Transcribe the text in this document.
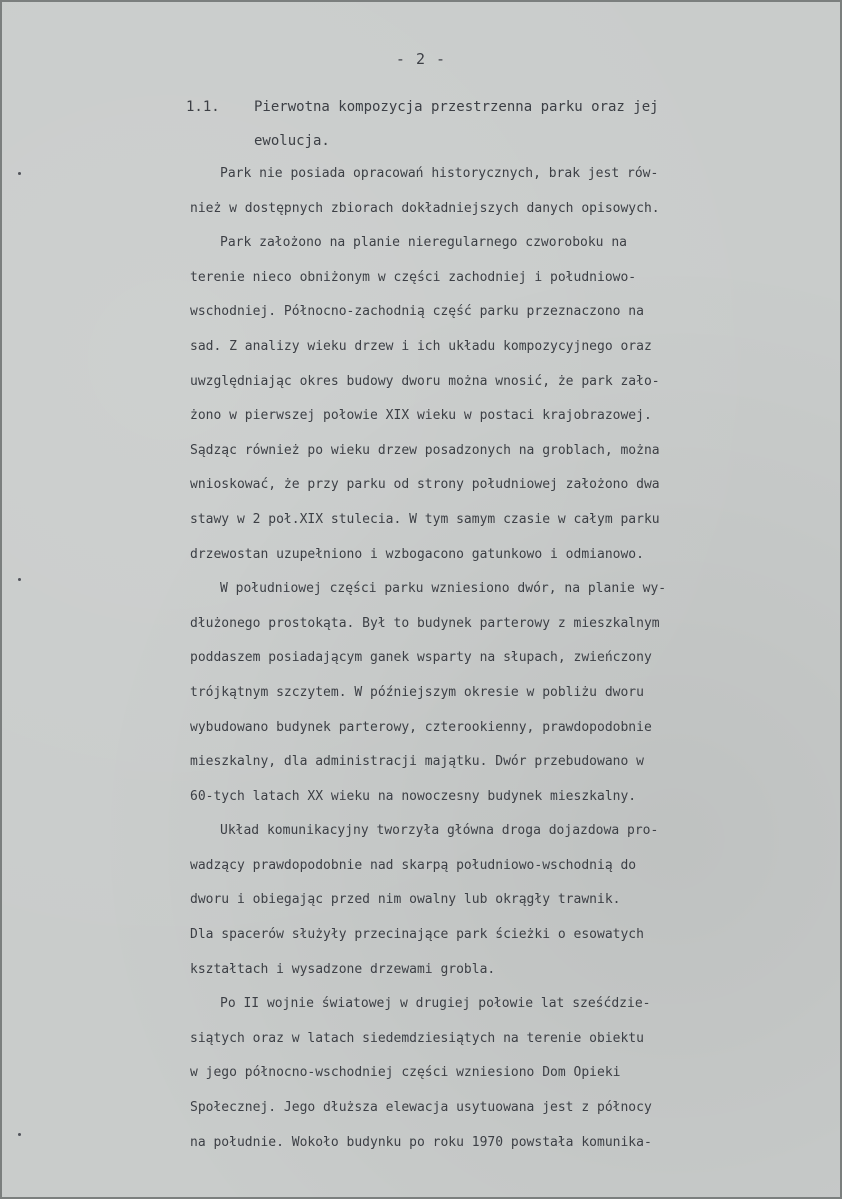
- 2 -
1.1. Pierwotna kompozycja przestrzenna parku oraz jej
ewolucja.
Park nie posiada opracowań historycznych, brak jest rów-
nież w dostępnych zbiorach dokładniejszych danych opisowych.
Park założono na planie nieregularnego czworoboku na
terenie nieco obniżonym w części zachodniej i południowo-
wschodniej. Północno-zachodnią część parku przeznaczono na
sad. Z analizy wieku drzew i ich układu kompozycyjnego oraz
uwzględniając okres budowy dworu można wnosić, że park zało-
żono w pierwszej połowie XIX wieku w postaci krajobrazowej.
Sądząc również po wieku drzew posadzonych na groblach, można
wnioskować, że przy parku od strony południowej założono dwa
stawy w 2 poł.XIX stulecia. W tym samym czasie w całym parku
drzewostan uzupełniono i wzbogacono gatunkowo i odmianowo.
W południowej części parku wzniesiono dwór, na planie wy-
dłużonego prostokąta. Był to budynek parterowy z mieszkalnym
poddaszem posiadającym ganek wsparty na słupach, zwieńczony
trójkątnym szczytem. W późniejszym okresie w pobliżu dworu
wybudowano budynek parterowy, czterookienny, prawdopodobnie
mieszkalny, dla administracji majątku. Dwór przebudowano w
60-tych latach XX wieku na nowoczesny budynek mieszkalny.
Układ komunikacyjny tworzyła główna droga dojazdowa pro-
wadzący prawdopodobnie nad skarpą południowo-wschodnią do
dworu i obiegając przed nim owalny lub okrągły trawnik.
Dla spacerów służyły przecinające park ścieżki o esowatych
kształtach i wysadzone drzewami grobla.
Po II wojnie światowej w drugiej połowie lat sześćdzie-
siątych oraz w latach siedemdziesiątych na terenie obiektu
w jego północno-wschodniej części wzniesiono Dom Opieki
Społecznej. Jego dłuższa elewacja usytuowana jest z północy
na południe. Wokoło budynku po roku 1970 powstała komunika-
